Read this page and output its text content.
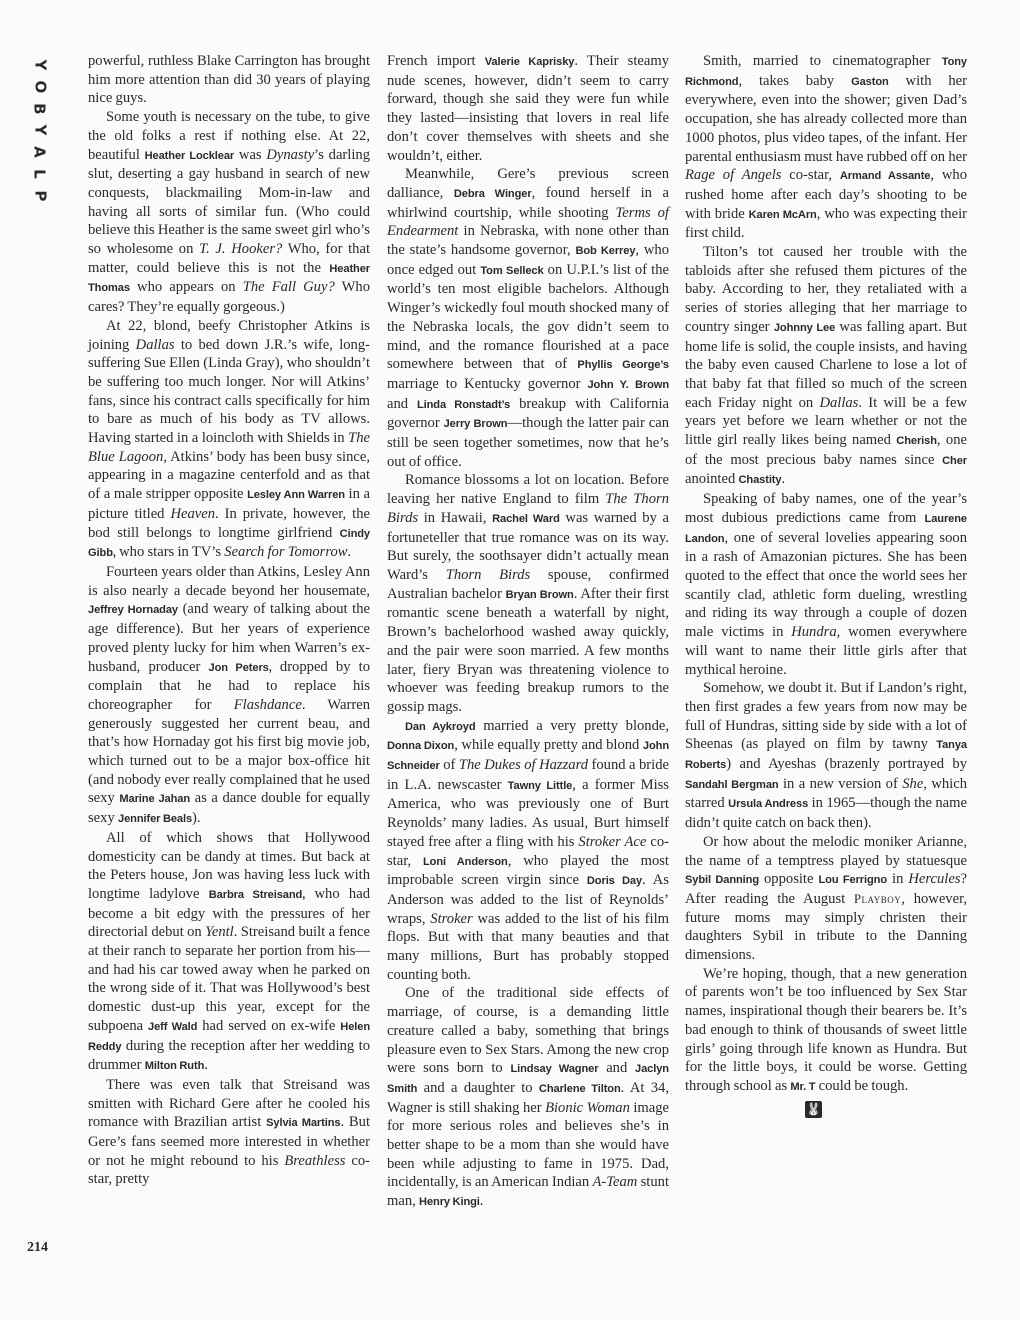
Y
O
B
Y
A
L
P
214

powerful, ruthless Blake Carrington has brought him more attention than did 30 years of playing nice guys.

Some youth is necessary on the tube, to give the old folks a rest if nothing else. At 22, beautiful Heather Locklear was Dynasty’s darling slut, deserting a gay husband in search of new conquests, blackmailing Mom-in-law and having all sorts of similar fun. (Who could believe this Heather is the same sweet girl who’s so wholesome on T. J. Hooker? Who, for that matter, could believe this is not the Heather Thomas who appears on The Fall Guy? Who cares? They’re equally gorgeous.)

At 22, blond, beefy Christopher Atkins is joining Dallas to bed down J.R.’s wife, long-suffering Sue Ellen (Linda Gray), who shouldn’t be suffering too much longer. Nor will Atkins’ fans, since his contract calls specifically for him to bare as much of his body as TV allows. Having started in a loincloth with Shields in The Blue Lagoon, Atkins’ body has been busy since, appearing in a magazine centerfold and as that of a male stripper opposite Lesley Ann Warren in a picture titled Heaven. In private, however, the bod still belongs to longtime girlfriend Cindy Gibb, who stars in TV’s Search for Tomorrow.

Fourteen years older than Atkins, Lesley Ann is also nearly a decade beyond her housemate, Jeffrey Hornaday (and weary of talking about the age difference). But her years of experience proved plenty lucky for him when Warren’s ex-husband, producer Jon Peters, dropped by to complain that he had to replace his choreographer for Flashdance. Warren generously suggested her current beau, and that’s how Hornaday got his first big movie job, which turned out to be a major box-office hit (and nobody ever really complained that he used sexy Marine Jahan as a dance double for equally sexy Jennifer Beals).

All of which shows that Hollywood domesticity can be dandy at times. But back at the Peters house, Jon was having less luck with longtime ladylove Barbra Streisand, who had become a bit edgy with the pressures of her directorial debut on Yentl. Streisand built a fence at their ranch to separate her portion from his—and had his car towed away when he parked on the wrong side of it. That was Hollywood’s best domestic dust-up this year, except for the subpoena Jeff Wald had served on ex-wife Helen Reddy during the reception after her wedding to drummer Milton Ruth.

There was even talk that Streisand was smitten with Richard Gere after he cooled his romance with Brazilian artist Sylvia Martins. But Gere’s fans seemed more interested in whether or not he might rebound to his Breathless co-star, pretty

French import Valerie Kaprisky. Their steamy nude scenes, however, didn’t seem to carry forward, though she said they were fun while they lasted—insisting that lovers in real life don’t cover themselves with sheets and she wouldn’t, either.

Meanwhile, Gere’s previous screen dalliance, Debra Winger, found herself in a whirlwind courtship, while shooting Terms of Endearment in Nebraska, with none other than the state’s handsome governor, Bob Kerrey, who once edged out Tom Selleck on U.P.I.’s list of the world’s ten most eligible bachelors. Although Winger’s wickedly foul mouth shocked many of the Nebraska locals, the gov didn’t seem to mind, and the romance flourished at a pace somewhere between that of Phyllis George’s marriage to Kentucky governor John Y. Brown and Linda Ronstadt’s breakup with California governor Jerry Brown—though the latter pair can still be seen together sometimes, now that he’s out of office.

Romance blossoms a lot on location. Before leaving her native England to film The Thorn Birds in Hawaii, Rachel Ward was warned by a fortuneteller that true romance was on its way. But surely, the soothsayer didn’t actually mean Ward’s Thorn Birds spouse, confirmed Australian bachelor Bryan Brown. After their first romantic scene beneath a waterfall by night, Brown’s bachelorhood washed away quickly, and the pair were soon married. A few months later, fiery Bryan was threatening violence to whoever was feeding breakup rumors to the gossip mags.

Dan Aykroyd married a very pretty blonde, Donna Dixon, while equally pretty and blond John Schneider of The Dukes of Hazzard found a bride in L.A. newscaster Tawny Little, a former Miss America, who was previously one of Burt Reynolds’ many ladies. As usual, Burt himself stayed free after a fling with his Stroker Ace co-star, Loni Anderson, who played the most improbable screen virgin since Doris Day. As Anderson was added to the list of Reynolds’ wraps, Stroker was added to the list of his film flops. But with that many beauties and that many millions, Burt has probably stopped counting both.

One of the traditional side effects of marriage, of course, is a demanding little creature called a baby, something that brings pleasure even to Sex Stars. Among the new crop were sons born to Lindsay Wagner and Jaclyn Smith and a daughter to Charlene Tilton. At 34, Wagner is still shaking her Bionic Woman image for more serious roles and believes she’s in better shape to be a mom than she would have been while adjusting to fame in 1975. Dad, incidentally, is an American Indian A-Team stunt man, Henry Kingi.

Smith, married to cinematographer Tony Richmond, takes baby Gaston with her everywhere, even into the shower; given Dad’s occupation, she has already collected more than 1000 photos, plus video tapes, of the infant. Her parental enthusiasm must have rubbed off on her Rage of Angels co-star, Armand Assante, who rushed home after each day’s shooting to be with bride Karen McArn, who was expecting their first child.

Tilton’s tot caused her trouble with the tabloids after she refused them pictures of the baby. According to her, they retaliated with a series of stories alleging that her marriage to country singer Johnny Lee was falling apart. But home life is solid, the couple insists, and having the baby even caused Charlene to lose a lot of that baby fat that filled so much of the screen each Friday night on Dallas. It will be a few years yet before we learn whether or not the little girl really likes being named Cherish, one of the most precious baby names since Cher anointed Chastity.

Speaking of baby names, one of the year’s most dubious predictions came from Laurene Landon, one of several lovelies appearing soon in a rash of Amazonian pictures. She has been quoted to the effect that once the world sees her scantily clad, athletic form dueling, wrestling and riding its way through a couple of dozen male victims in Hundra, women everywhere will want to name their little girls after that mythical heroine.

Somehow, we doubt it. But if Landon’s right, then first grades a few years from now may be full of Hundras, sitting side by side with a lot of Sheenas (as played on film by tawny Tanya Roberts) and Ayeshas (brazenly portrayed by Sandahl Bergman in a new version of She, which starred Ursula Andress in 1965—though the name didn’t quite catch on back then).

Or how about the melodic moniker Arianne, the name of a temptress played by statuesque Sybil Danning opposite Lou Ferrigno in Hercules? After reading the August Playboy, however, future moms may simply christen their daughters Sybil in tribute to the Danning dimensions.

We’re hoping, though, that a new generation of parents won’t be too influenced by Sex Star names, inspirational though their bearers be. It’s bad enough to think of thousands of sweet little girls’ going through life known as Hundra. But for the little boys, it could be worse. Getting through school as Mr. T could be tough.

🐰
